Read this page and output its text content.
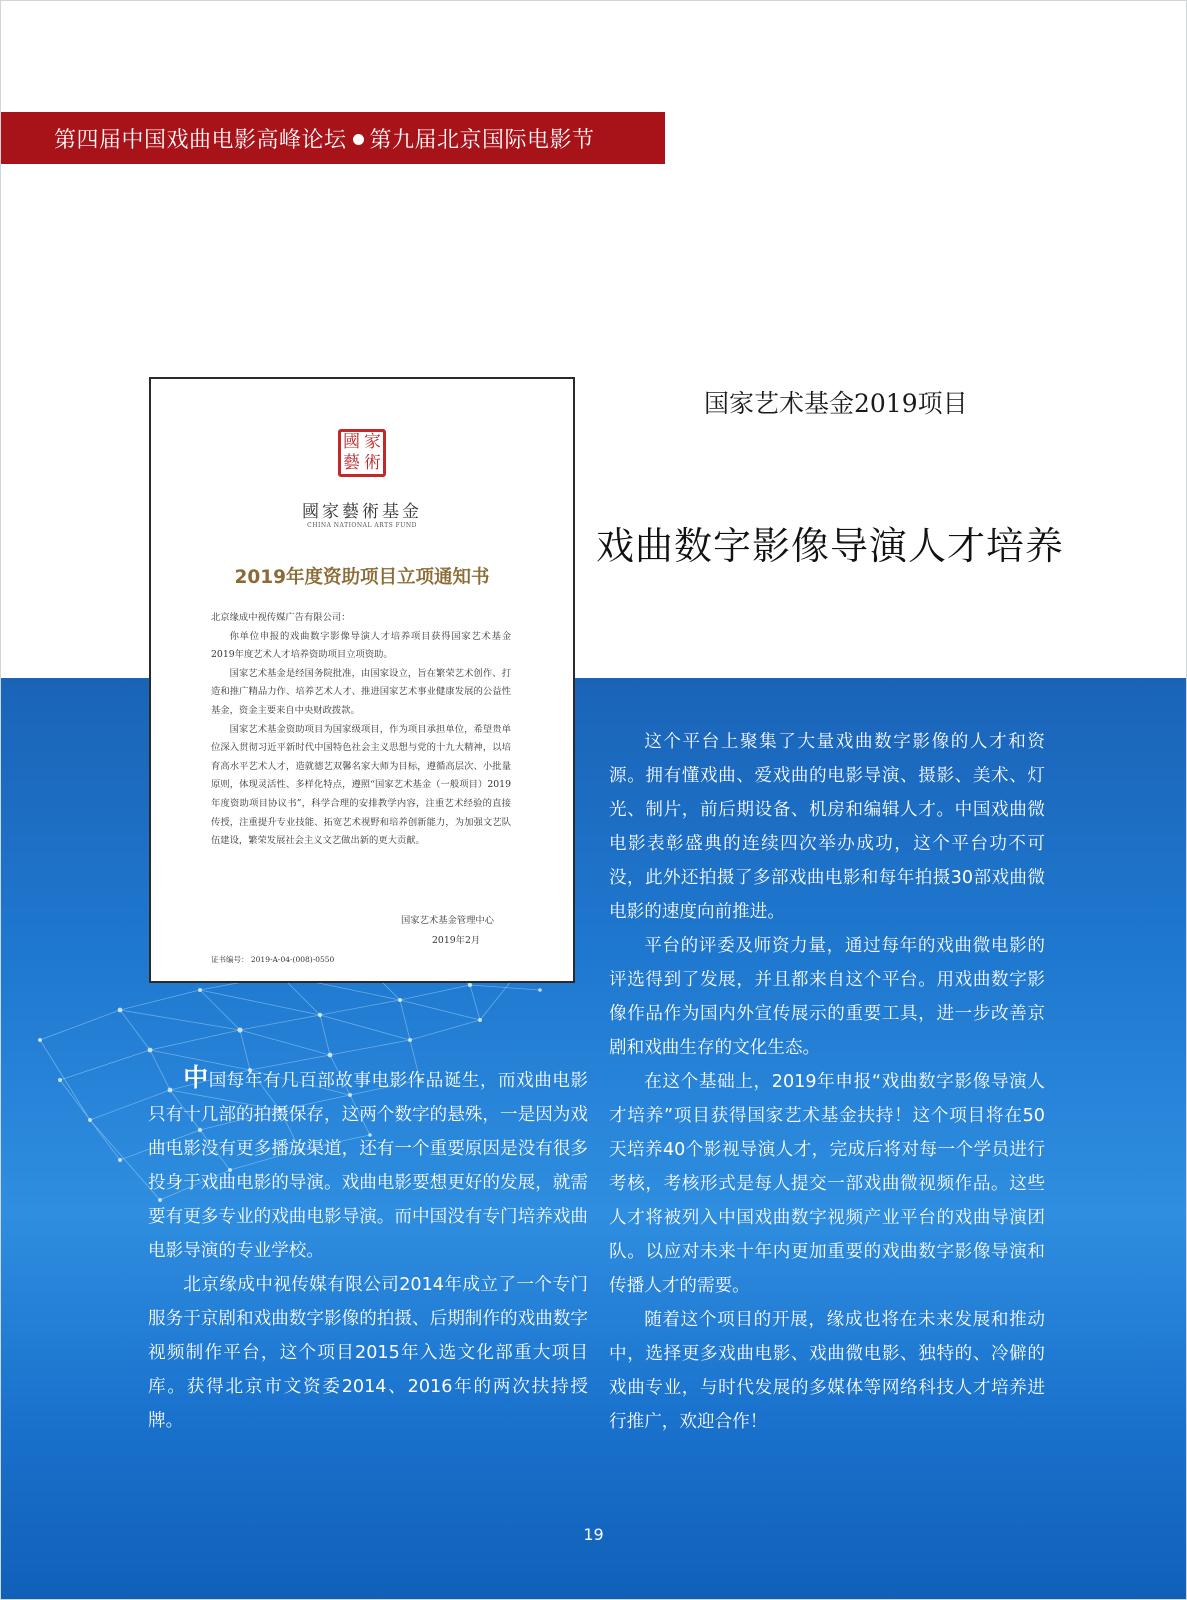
第四届中国戏曲电影高峰论坛 第九届北京国际电影节
國 家
藝 術
國家藝術基金
CHINA NATIONAL ARTS FUND
2019年度资助项目立项通知书

北京缘成中视传媒广告有限公司：

你单位申报的戏曲数字影像导演人才培养项目获得国家艺术基金2019年度艺术人才培养资助项目立项资助。

国家艺术基金是经国务院批准，由国家设立，旨在繁荣艺术创作、打造和推广精品力作、培养艺术人才、推进国家艺术事业健康发展的公益性基金，资金主要来自中央财政拨款。

国家艺术基金资助项目为国家级项目，作为项目承担单位，希望贵单位深入贯彻习近平新时代中国特色社会主义思想与党的十九大精神，以培育高水平艺术人才，造就德艺双馨名家大师为目标，遵循高层次、小批量原则，体现灵活性、多样化特点，遵照“国家艺术基金（一般项目）2019年度资助项目协议书”，科学合理的安排教学内容，注重艺术经验的直接传授，注重提升专业技能、拓宽艺术视野和培养创新能力，为加强文艺队伍建设，繁荣发展社会主义文艺做出新的更大贡献。

国家艺术基金管理中心
2019年2月
证书编号： 2019-A-04-(008)-0550
国家艺术基金2019项目
戏曲数字影像导演人才培养

中国每年有几百部故事电影作品诞生，而戏曲电影只有十几部的拍摄保存，这两个数字的悬殊，一是因为戏曲电影没有更多播放渠道，还有一个重要原因是没有很多投身于戏曲电影的导演。戏曲电影要想更好的发展，就需要有更多专业的戏曲电影导演。而中国没有专门培养戏曲电影导演的专业学校。

北京缘成中视传媒有限公司2014年成立了一个专门服务于京剧和戏曲数字影像的拍摄、后期制作的戏曲数字视频制作平台，这个项目2015年入选文化部重大项目库。获得北京市文资委2014、2016年的两次扶持授牌。

这个平台上聚集了大量戏曲数字影像的人才和资源。拥有懂戏曲、爱戏曲的电影导演、摄影、美术、灯光、制片，前后期设备、机房和编辑人才。中国戏曲微电影表彰盛典的连续四次举办成功，这个平台功不可没，此外还拍摄了多部戏曲电影和每年拍摄30部戏曲微电影的速度向前推进。

平台的评委及师资力量，通过每年的戏曲微电影的评选得到了发展，并且都来自这个平台。用戏曲数字影像作品作为国内外宣传展示的重要工具，进一步改善京剧和戏曲生存的文化生态。

在这个基础上，2019年申报“戏曲数字影像导演人才培养”项目获得国家艺术基金扶持！这个项目将在50天培养40个影视导演人才，完成后将对每一个学员进行考核，考核形式是每人提交一部戏曲微视频作品。这些人才将被列入中国戏曲数字视频产业平台的戏曲导演团队。以应对未来十年内更加重要的戏曲数字影像导演和传播人才的需要。

随着这个项目的开展，缘成也将在未来发展和推动中，选择更多戏曲电影、戏曲微电影、独特的、冷僻的戏曲专业，与时代发展的多媒体等网络科技人才培养进行推广，欢迎合作！

19
